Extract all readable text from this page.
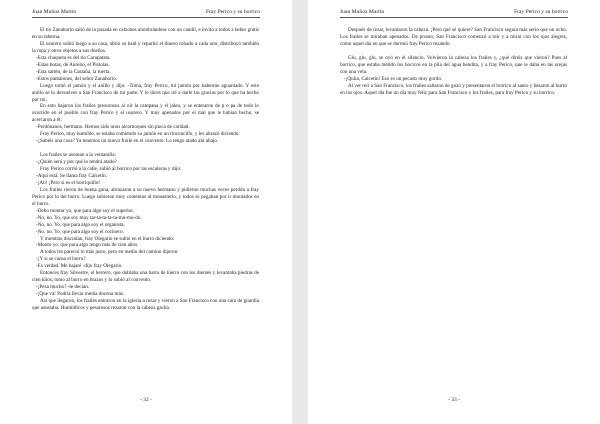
Juan Muñoz Martín	Fray Perico y su borrico

El tío Zanahorio salió de la posada en calzones alumbrándose con un candil, e invitó a todos a beber gratis en su taberna.

El usurero subió luego a su casa, abrió su baúl y repartió el dinero robado a cada uno; distribuyó también la ropa y otros objetos a sus dueños.

-Esta chaqueta es del tío Carapatata.

-Estas botas, de Aurelio, el Pistolas.

-Esta sartén, de la Castaña, la tuerta.

-Estos pantalones, del señor Zanahorio.

Luego tomó el jamón y el anillo y dijo: -Toma, fray Perico, mi jamón por haberme aguantado. Y este anillo se lo devuelves a San Francisco de mi parte. Y le dices que iré a darle las gracias por lo que ha hecho por mí.

En esto bajaron los frailes presurosos al oír la campana y el jaleo, y se enteraron de p o pa de todo lo ocurrido en el pueblo con fray Perico y el usurero. Y muy apenados por el mal que le habían hecho, se acercaron a él:

-Perdónanos, hermano. Hemos sido unos alcornoques sin pizca de caridad.

Fray Perico, muy humilde, se estaba comiendo su jamón en un rinconcillo, y les abrazó diciendo:

-¿Sabéis una cosa? Ya tenemos un nuevo fraile en el convento. Lo tengo atado ahí abajo.

Los frailes se asoman a la ventanilla:

-¿Quién será y por qué lo tendrá atado?

Fray Perico corrió a la calle, subió al borrico por las escaleras y dijo:

-Aquí está. Se llama fray Calcetín.

-¡Ah! ¡Pero si es el borriquillo!

Los frailes rieron de buena gana, abrazaron a su nuevo hermano y pidieron muchas veces perdón a fray Perico por lo del burro. Luego subieron muy contentos al monasterio, y todos se pegaban por ir montados en el burro.

-Debo montar yo, que para algo soy el superior.

-No, no. Yo, que soy muy tar-ta-ta-ta-ta-mu-mu-do.

-No, no. Yo, que para algo soy el organista.

-No, no. Yo, que para algo soy el cocinero.

Y mientras discutían, fray Olegario se subió en el burro diciendo:

-Monto yo, que para algo tengo más de cien años.

A todos les pareció lo más justo, pero en medio del camino dijeron:

-¡Y si se cansa el burro?

-Es verdad. Me bajaré -dijo fray Olegario.

Entonces fray Silvestre, el herrero, que doblaba una barra de hierro con los dientes y levantaba piedras de cien kilos, tomó al burro en brazos y lo subió al convento.

-¡Pesa mucho? -le decían.

-¡Que va! Podría llevar media docena más.

Así que llegaron, los frailes entraron en la iglesia a rezar y vieron a San Francisco con una cara de guardia que asustaba. Humildícos y pesarosos rezaron con la cabeza gacha.

- 32 -
Juan Muñoz Martín	Fray Perico y su borrico

Después de rezar, levantaron la cabeza. ¡Pero qué sé quiere? San Francisco seguía más serio que un ocho. Los frailes se miraban apenados. De pronto, San Francisco comenzó a reír y a mirar con los ojos alegres, como aquel día en que se durmió fray Perico rezando.

Glu, glu, glu, se oyó en el silencio. Volvieron la cabeza los frailes y, ¿qué diréis que vieron? Pues al borrico, que estaba metido los hocicos en la pila del agua bendita, y a fray Perico, que le daba en las orejas con una vela.

-¡Quita, Calcetín! Eso es un pecado muy gordo.

Al ver reír a San Francisco, los frailes saltaron de gozo y presentaron el borrico al santo y besaron al burro en los ojos. Aquel día fue un día muy feliz para San Francisco y los frailes, para fray Perico y su borrico.

- 33 -
